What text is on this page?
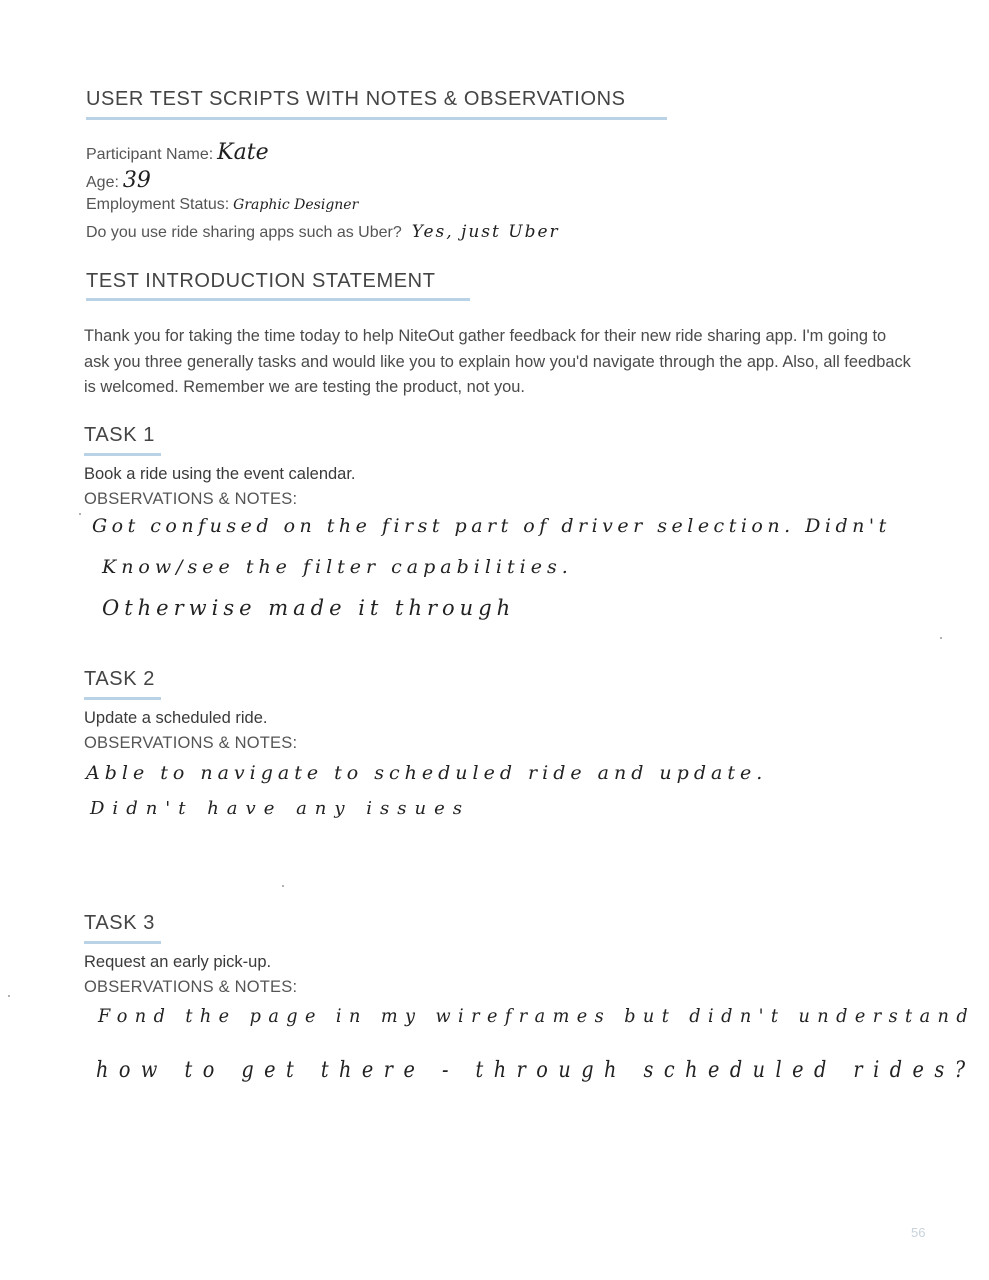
USER TEST SCRIPTS WITH NOTES & OBSERVATIONS
Participant Name: Kate
Age: 39
Employment Status: Graphic Designer
Do you use ride sharing apps such as Uber? Yes, just Uber
TEST INTRODUCTION STATEMENT

Thank you for taking the time today to help NiteOut gather feedback for their new ride sharing app. I'm going to ask you three generally tasks and would like you to explain how you'd navigate through the app. Also, all feedback is welcomed. Remember we are testing the product, not you.

TASK 1

Book a ride using the event calendar.

OBSERVATIONS & NOTES:

Got confused on the first part of driver selection. Didn't

Know/see the filter capabilities.

Otherwise made it through

TASK 2

Update a scheduled ride.

OBSERVATIONS & NOTES:

Able to navigate to scheduled ride and update.

Didn't have any issues

TASK 3

Request an early pick-up.

OBSERVATIONS & NOTES:

Fond the page in my wireframes but didn't understand

how to get there - through scheduled rides?

56
